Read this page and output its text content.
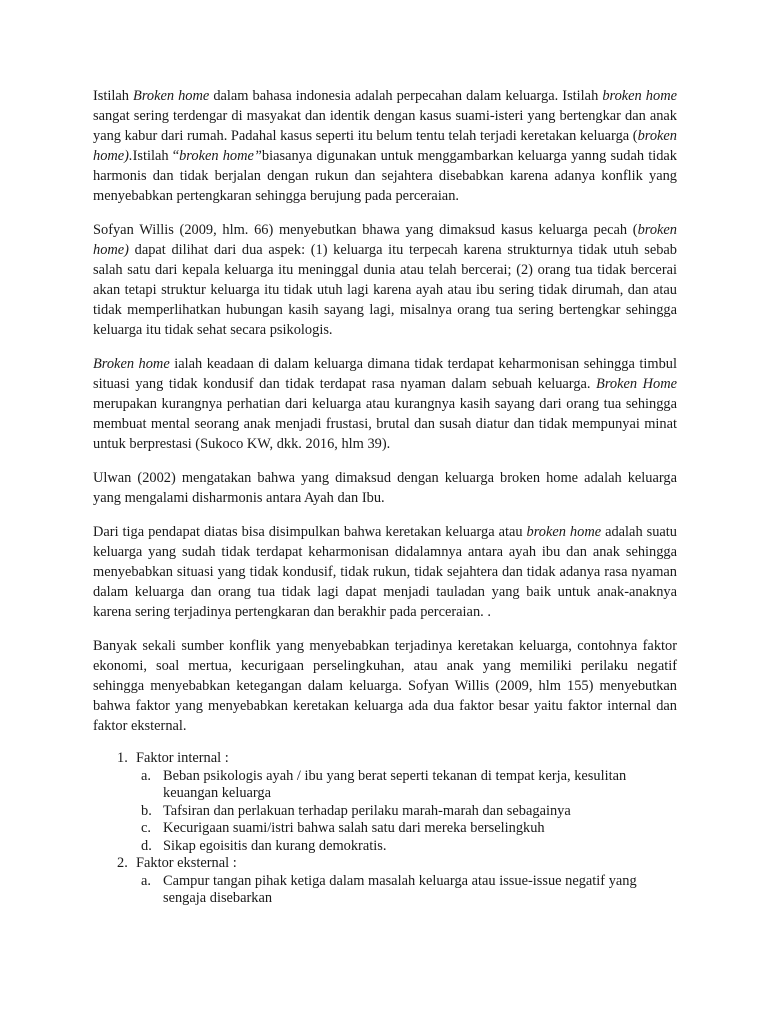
Istilah Broken home dalam bahasa indonesia adalah perpecahan dalam keluarga. Istilah broken home sangat sering terdengar di masyakat dan identik dengan kasus suami-isteri yang bertengkar dan anak yang kabur dari rumah. Padahal kasus seperti itu belum tentu telah terjadi keretakan keluarga (broken home).Istilah “broken home”biasanya digunakan untuk menggambarkan keluarga yanng sudah tidak harmonis dan tidak berjalan dengan rukun dan sejahtera disebabkan karena adanya konflik yang menyebabkan pertengkaran sehingga berujung pada perceraian.

Sofyan Willis (2009, hlm. 66) menyebutkan bhawa yang dimaksud kasus keluarga pecah (broken home) dapat dilihat dari dua aspek: (1) keluarga itu terpecah karena strukturnya tidak utuh sebab salah satu dari kepala keluarga itu meninggal dunia atau telah bercerai; (2) orang tua tidak bercerai akan tetapi struktur keluarga itu tidak utuh lagi karena ayah atau ibu sering tidak dirumah, dan atau tidak memperlihatkan hubungan kasih sayang lagi, misalnya orang tua sering bertengkar sehingga keluarga itu tidak sehat secara psikologis.

Broken home ialah keadaan di dalam keluarga dimana tidak terdapat keharmonisan sehingga timbul situasi yang tidak kondusif dan tidak terdapat rasa nyaman dalam sebuah keluarga. Broken Home merupakan kurangnya perhatian dari keluarga atau kurangnya kasih sayang dari orang tua sehingga membuat mental seorang anak menjadi frustasi, brutal dan susah diatur dan tidak mempunyai minat untuk berprestasi (Sukoco KW, dkk. 2016, hlm 39).

Ulwan (2002) mengatakan bahwa yang dimaksud dengan keluarga broken home adalah keluarga yang mengalami disharmonis antara Ayah dan Ibu.

Dari tiga pendapat diatas bisa disimpulkan bahwa keretakan keluarga atau broken home adalah suatu keluarga yang sudah tidak terdapat keharmonisan didalamnya antara ayah ibu dan anak sehingga menyebabkan situasi yang tidak kondusif, tidak rukun, tidak sejahtera dan tidak adanya rasa nyaman dalam keluarga dan orang tua tidak lagi dapat menjadi tauladan yang baik untuk anak-anaknya karena sering terjadinya pertengkaran dan berakhir pada perceraian. .

Banyak sekali sumber konflik yang menyebabkan terjadinya keretakan keluarga, contohnya faktor ekonomi, soal mertua, kecurigaan perselingkuhan, atau anak yang memiliki perilaku negatif sehingga menyebabkan ketegangan dalam keluarga. Sofyan Willis (2009, hlm 155) menyebutkan bahwa faktor yang menyebabkan keretakan keluarga ada dua faktor besar yaitu faktor internal dan faktor eksternal.

1. Faktor internal :
a. Beban psikologis ayah / ibu yang berat seperti tekanan di tempat kerja, kesulitan keuangan keluarga
b. Tafsiran dan perlakuan terhadap perilaku marah-marah dan sebagainya
c. Kecurigaan suami/istri bahwa salah satu dari mereka berselingkuh
d. Sikap egoisitis dan kurang demokratis.
2. Faktor eksternal :
a. Campur tangan pihak ketiga dalam masalah keluarga atau issue-issue negatif yang sengaja disebarkan
